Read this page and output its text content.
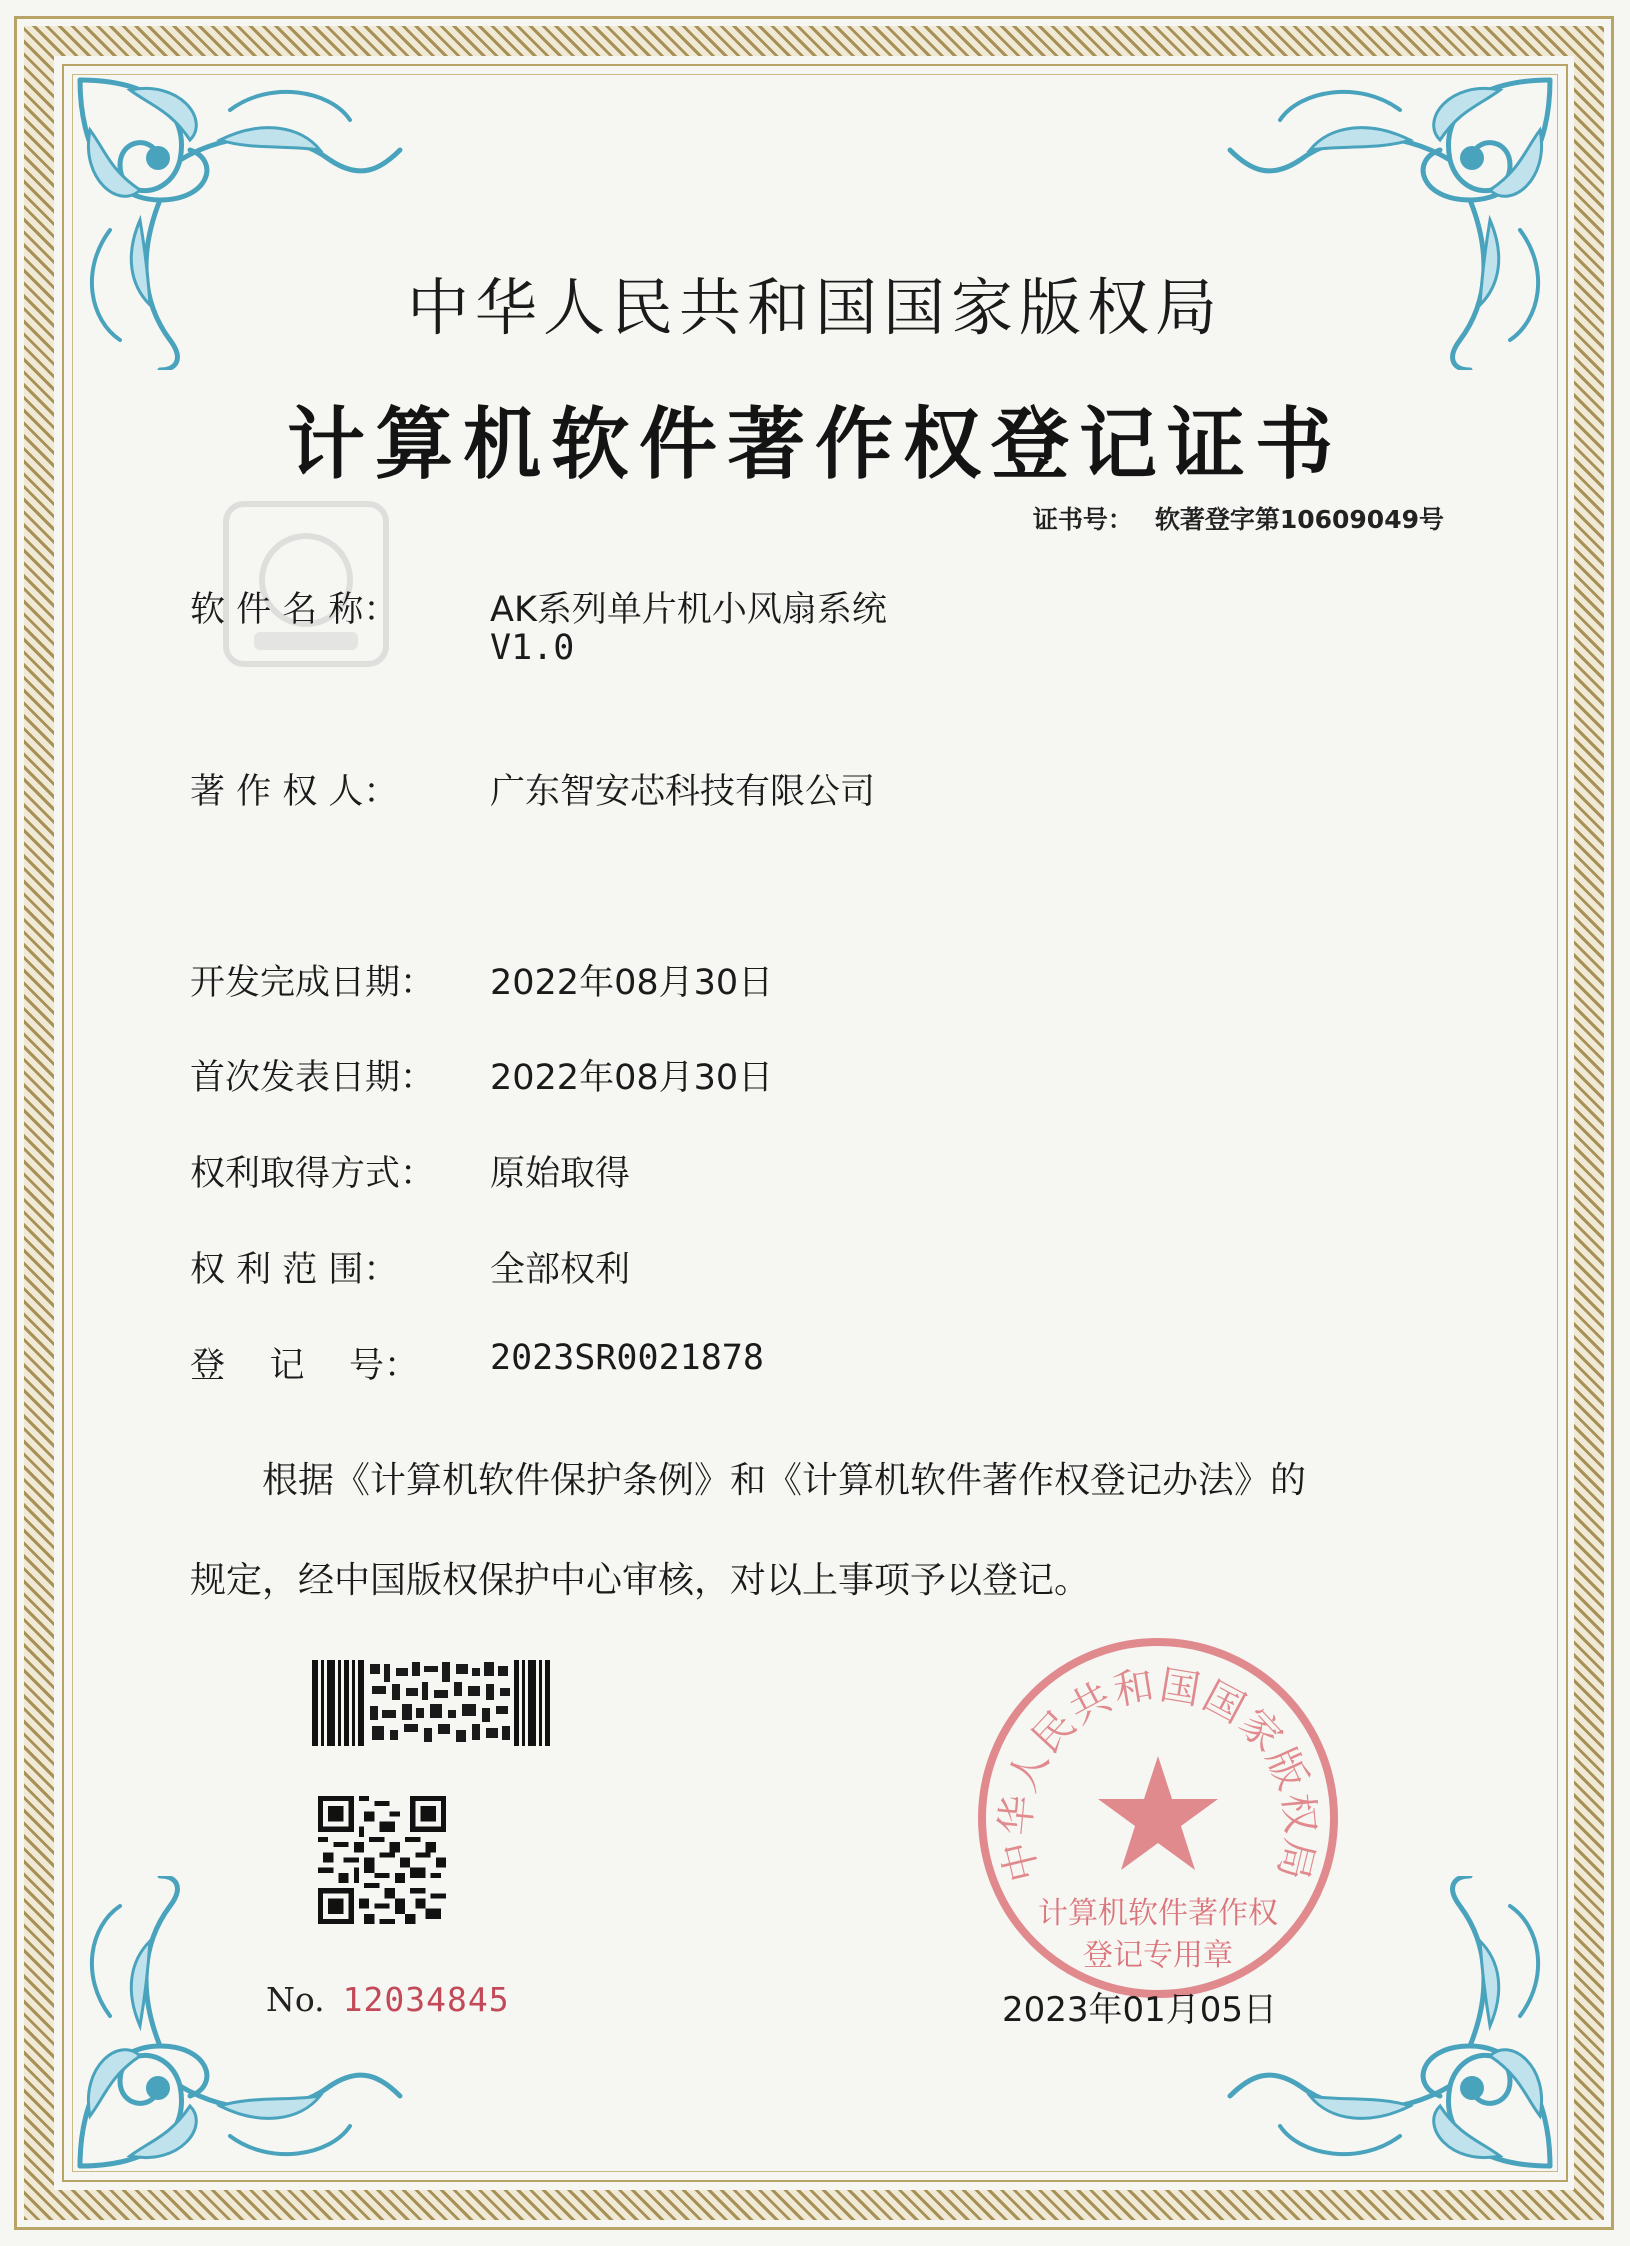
中华人民共和国国家版权局
计算机软件著作权登记证书
证书号： 软著登字第10609049号
软 件 名 称：	AK系列单片机小风扇系统
V1.0
著 作 权 人：	广东智安芯科技有限公司
开发完成日期：	2022年08月30日
首次发表日期：	2022年08月30日
权利取得方式：	原始取得
权 利 范 围：	全部权利
登    记    号：	2023SR0021878
根据《计算机软件保护条例》和《计算机软件著作权登记办法》的
规定，经中国版权保护中心审核，对以上事项予以登记。
No. 12034845
中华人民共和国国家版权局
计算机软件著作权
登记专用章
2023年01月05日
